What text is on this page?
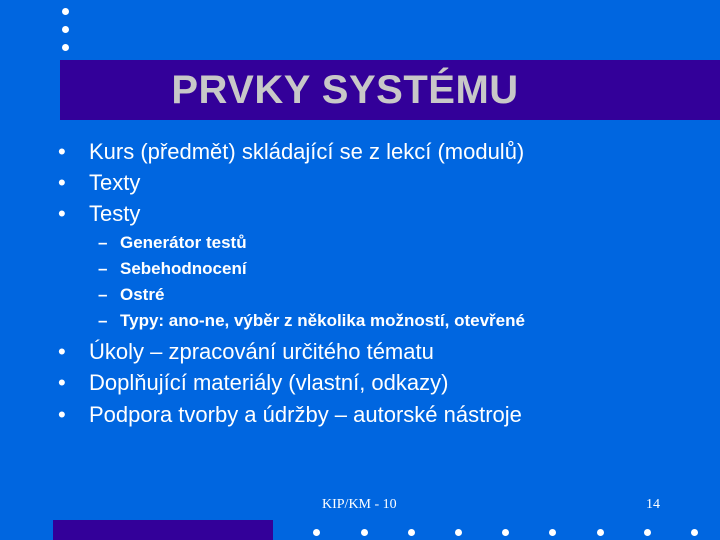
PRVKY SYSTÉMU
• Kurs (předmět) skládající se z lekcí (modulů)
• Texty
• Testy
– Generátor testů
– Sebehodnocení
– Ostré
– Typy: ano-ne, výběr z několika možností, otevřené
• Úkoly – zpracování určitého tématu
• Doplňující materiály (vlastní, odkazy)
• Podpora tvorby a údržby – autorské nástroje
KIP/KM - 10	14
